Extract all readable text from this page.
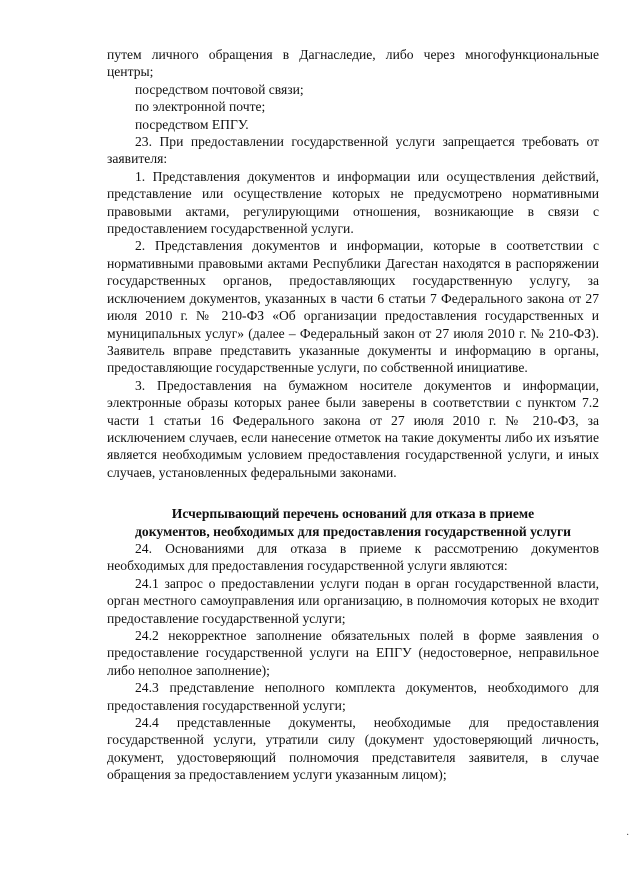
путем личного обращения в Дагнаследие, либо через многофункциональные центры;

посредством почтовой связи;

по электронной почте;

посредством ЕПГУ.

23. При предоставлении государственной услуги запрещается требовать от заявителя:

1. Представления документов и информации или осуществления действий, представление или осуществление которых не предусмотрено нормативными правовыми актами, регулирующими отношения, возникающие в связи с предоставлением государственной услуги.

2. Представления документов и информации, которые в соответствии с нормативными правовыми актами Республики Дагестан находятся в распоряжении государственных органов, предоставляющих государственную услугу, за исключением документов, указанных в части 6 статьи 7 Федерального закона от 27 июля 2010 г. № 210-ФЗ «Об организации предоставления государственных и муниципальных услуг» (далее – Федеральный закон от 27 июля 2010 г. № 210-ФЗ). Заявитель вправе представить указанные документы и информацию в органы, предоставляющие государственные услуги, по собственной инициативе.

3. Предоставления на бумажном носителе документов и информации, электронные образы которых ранее были заверены в соответствии с пунктом 7.2 части 1 статьи 16 Федерального закона от 27 июля 2010 г. № 210-ФЗ, за исключением случаев, если нанесение отметок на такие документы либо их изъятие является необходимым условием предоставления государственной услуги, и иных случаев, установленных федеральными законами.

Исчерпывающий перечень оснований для отказа в приеме
документов, необходимых для предоставления государственной услуги

24. Основаниями для отказа в приеме к рассмотрению документов необходимых для предоставления государственной услуги являются:

24.1 запрос о предоставлении услуги подан в орган государственной власти, орган местного самоуправления или организацию, в полномочия которых не входит предоставление государственной услуги;

24.2 некорректное заполнение обязательных полей в форме заявления о предоставление государственной услуги на ЕПГУ (недостоверное, неправильное либо неполное заполнение);

24.3 представление неполного комплекта документов, необходимого для предоставления государственной услуги;

24.4 представленные документы, необходимые для предоставления государственной услуги, утратили силу (документ удостоверяющий личность, документ, удостоверяющий полномочия представителя заявителя, в случае обращения за предоставлением услуги указанным лицом);

·
